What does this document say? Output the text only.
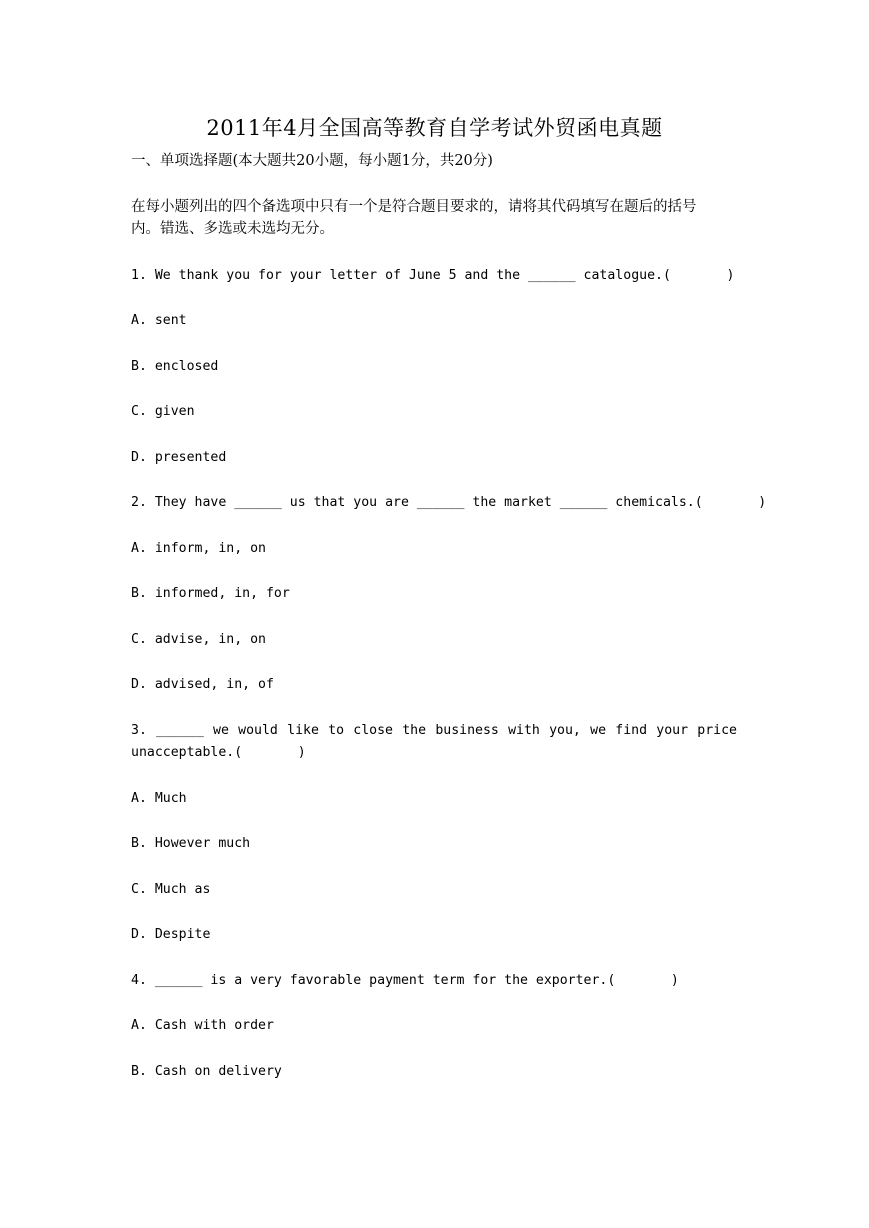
2011年4月全国高等教育自学考试外贸函电真题
一、单项选择题(本大题共20小题，每小题1分，共20分)
在每小题列出的四个备选项中只有一个是符合题目要求的，请将其代码填写在题后的括号
内。错选、多选或未选均无分。
1. We thank you for your letter of June 5 and the ______ catalogue.(       )
A. sent
B. enclosed
C. given
D. presented
2. They have ______ us that you are ______ the market ______ chemicals.(       )
A. inform, in, on
B. informed, in, for
C. advise, in, on
D. advised, in, of
3. ______ we would like to close the business with you, we find your price
unacceptable.(       )
A. Much
B. However much
C. Much as
D. Despite
4. ______ is a very favorable payment term for the exporter.(       )
A. Cash with order
B. Cash on delivery
